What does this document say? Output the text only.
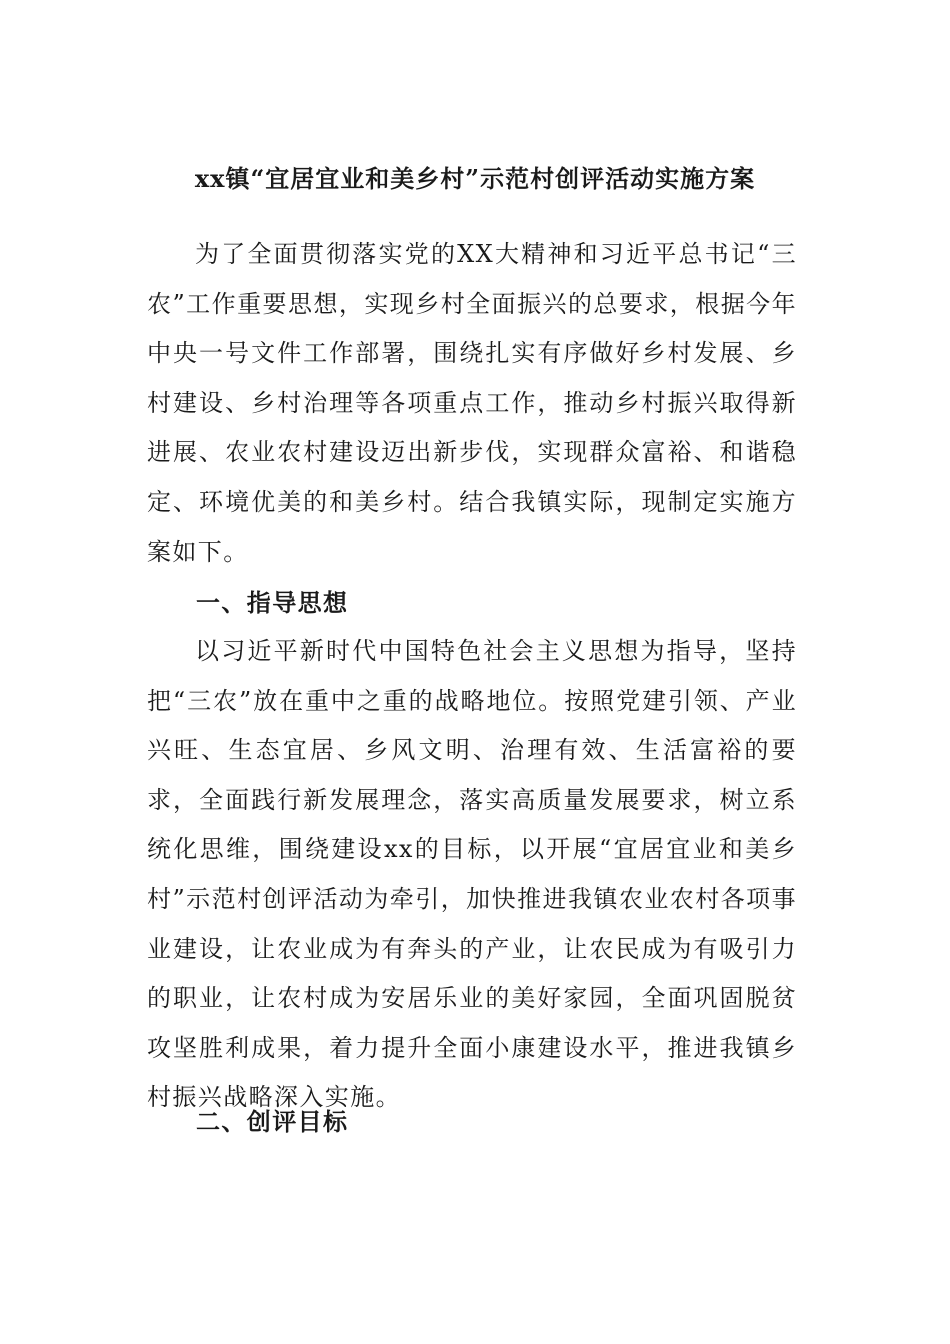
xx镇“宜居宜业和美乡村”示范村创评活动实施方案

为了全面贯彻落实党的XX大精神和习近平总书记“三农”工作重要思想，实现乡村全面振兴的总要求，根据今年中央一号文件工作部署，围绕扎实有序做好乡村发展、乡村建设、乡村治理等各项重点工作，推动乡村振兴取得新进展、农业农村建设迈出新步伐，实现群众富裕、和谐稳定、环境优美的和美乡村。结合我镇实际，现制定实施方案如下。

一、指导思想

以习近平新时代中国特色社会主义思想为指导，坚持把“三农”放在重中之重的战略地位。按照党建引领、产业兴旺、生态宜居、乡风文明、治理有效、生活富裕的要求，全面践行新发展理念，落实高质量发展要求，树立系统化思维，围绕建设xx的目标，以开展“宜居宜业和美乡村”示范村创评活动为牵引，加快推进我镇农业农村各项事业建设，让农业成为有奔头的产业，让农民成为有吸引力的职业，让农村成为安居乐业的美好家园，全面巩固脱贫攻坚胜利成果，着力提升全面小康建设水平，推进我镇乡村振兴战略深入实施。

二、创评目标
